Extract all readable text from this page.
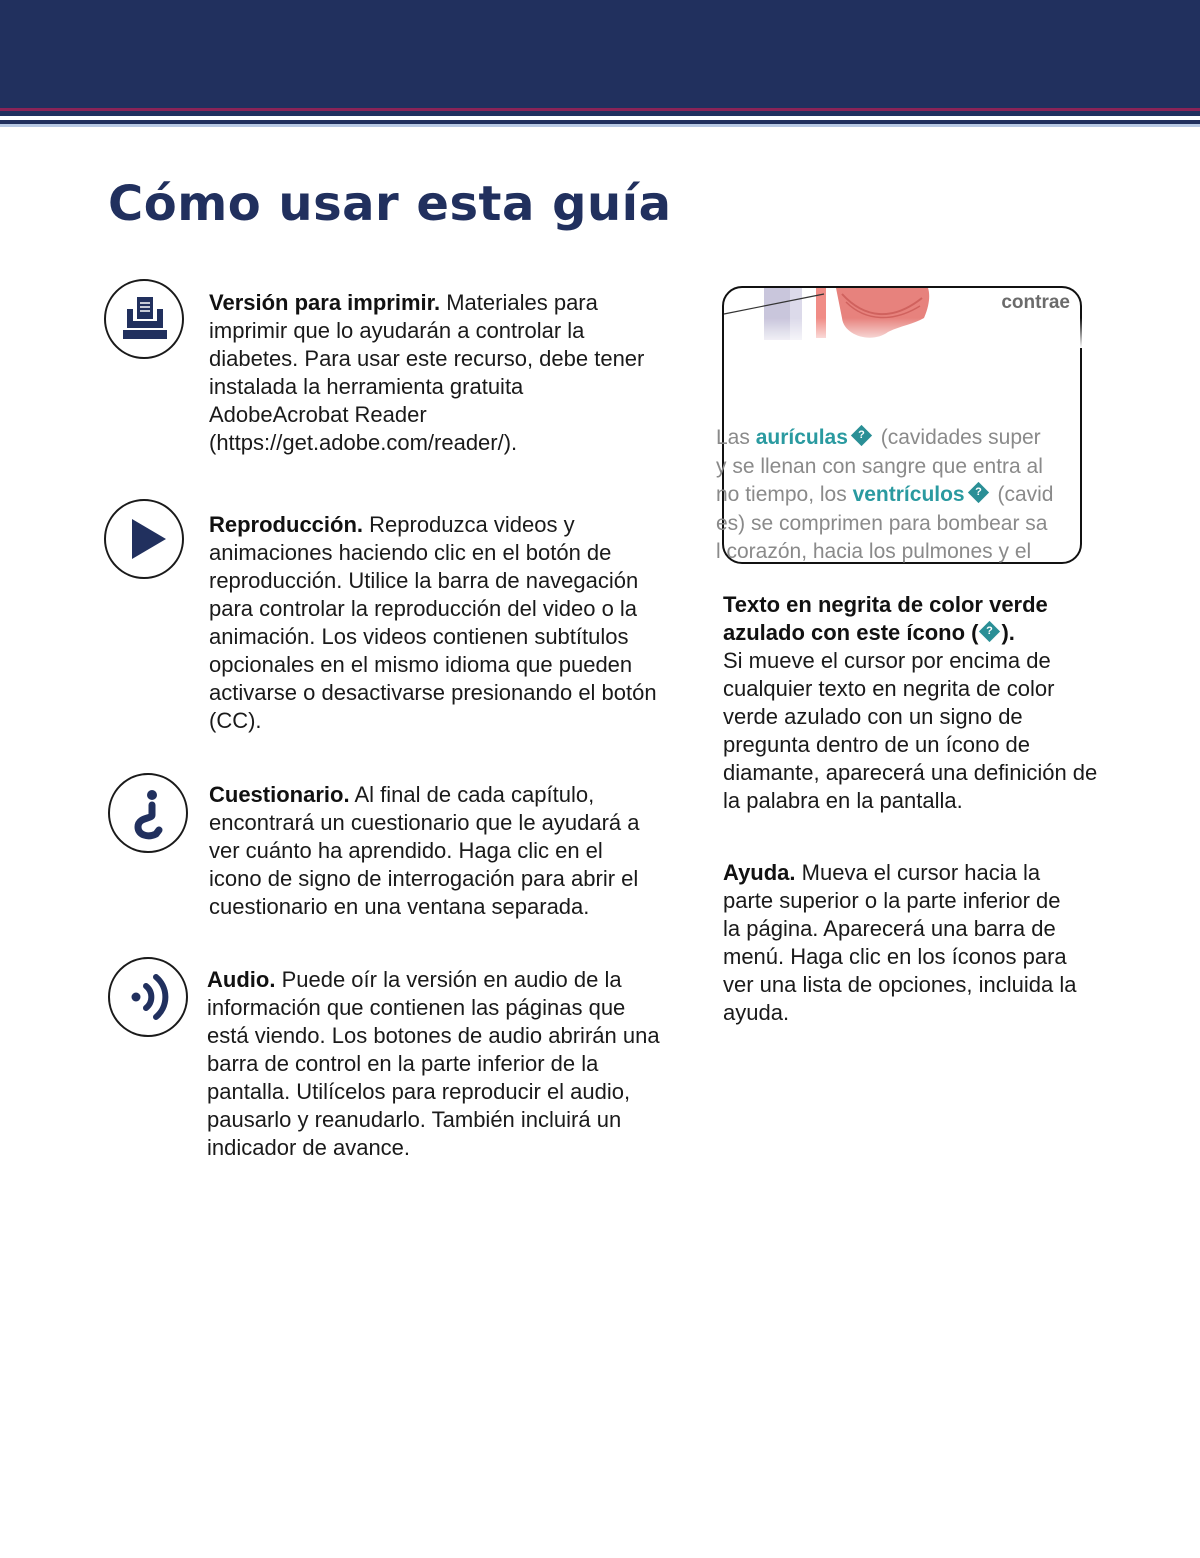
Cómo usar esta guía

Versión para imprimir. Materiales para imprimir que lo ayudarán a controlar la diabetes. Para usar este recurso, debe tener instalada la herramienta gratuita AdobeAcrobat Reader (https://get.adobe.com/reader/).

Reproducción. Reproduzca videos y animaciones haciendo clic en el botón de reproducción. Utilice la barra de navegación para controlar la reproducción del video o la animación. Los videos contienen subtítulos opcionales en el mismo idioma que pueden activarse o desactivarse presionando el botón (CC).

Cuestionario. Al final de cada capítulo, encontrará un cuestionario que le ayudará a ver cuánto ha aprendido. Haga clic en el icono de signo de interrogación para abrir el cuestionario en una ventana separada.

Audio. Puede oír la versión en audio de la información que contienen las páginas que está viendo. Los botones de audio abrirán una barra de control en la parte inferior de la pantalla. Utilícelos para reproducir el audio, pausarlo y reanudarlo. También incluirá un indicador de avance.

contrae
Las aurículas ? (cavidades super
y se llenan con sangre que entra al
no tiempo, los ventrículos ? (cavid
es) se comprimen para bombear sa
l corazón, hacia los pulmones y el

Texto en negrita de color verde
azulado con este ícono ( ? ).
Si mueve el cursor por encima de cualquier texto en negrita de color verde azulado con un signo de pregunta dentro de un ícono de diamante, aparecerá una definición de la palabra en la pantalla.

Ayuda. Mueva el cursor hacia la parte superior o la parte inferior de la página. Aparecerá una barra de menú. Haga clic en los íconos para ver una lista de opciones, incluida la ayuda.
